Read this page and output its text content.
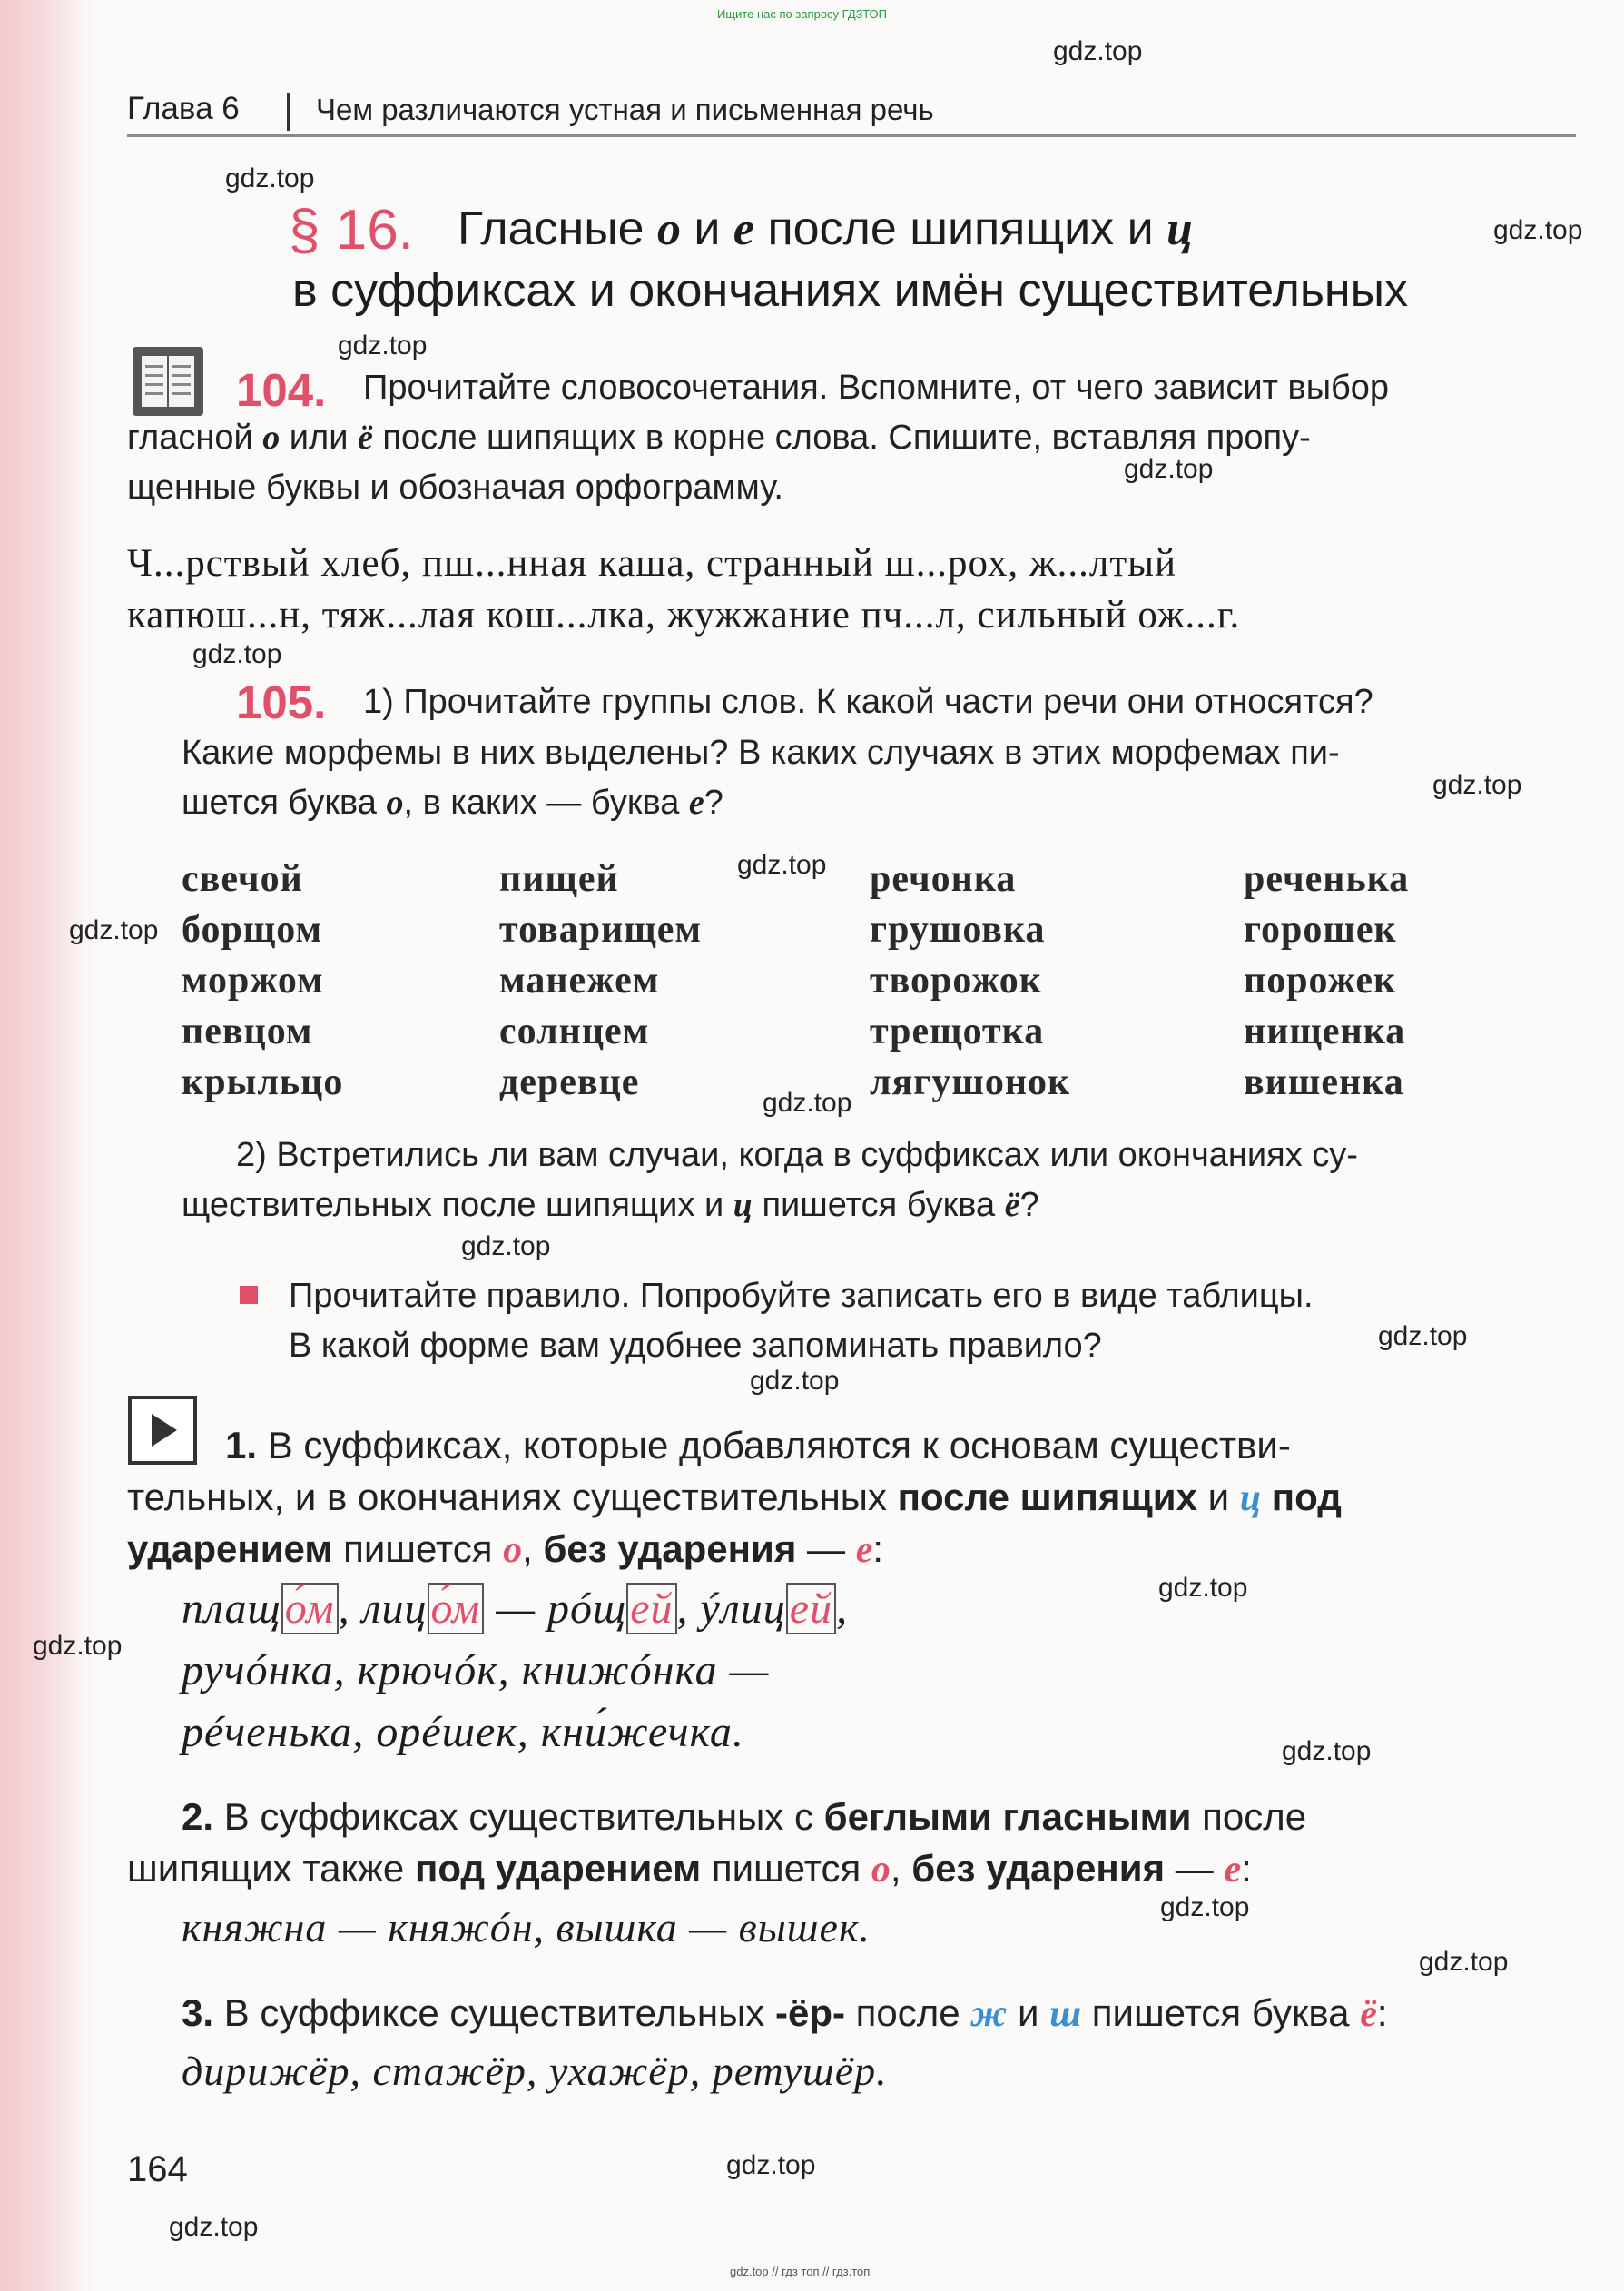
Ищите нас по запросу ГДЗТОП
gdz.top
gdz.top
gdz.top
gdz.top
gdz.top
gdz.top
gdz.top
gdz.top
gdz.top
gdz.top
gdz.top
gdz.top
gdz.top
gdz.top
gdz.top
gdz.top
gdz.top
gdz.top
gdz.top
gdz.top
Глава 6	Чем различаются устная и письменная речь
§ 16. Гласные о и е после шипящих и ц
в суффиксах и окончаниях имён существительных
104. Прочитайте словосочетания. Вспомните, от чего зависит выбор
гласной о или ё после шипящих в корне слова. Спишите, вставляя пропу-
щенные буквы и обозначая орфограмму.
Ч...рствый хлеб, пш...нная каша, странный ш...рох, ж...лтый
капюш...н, тяж...лая кош...лка, жужжание пч...л, сильный ож...г.
105. 1) Прочитайте группы слов. К какой части речи они относятся?
Какие морфемы в них выделены? В каких случаях в этих морфемах пи-
шется буква о, в каких — буква е?
свечой
борщом
моржом
певцом
крыльцо
пищей
товарищем
манежем
солнцем
деревце
речонка
грушовка
творожок
трещотка
лягушонок
реченька
горошек
порожек
нищенка
вишенка
2) Встретились ли вам случаи, когда в суффиксах или окончаниях су-
ществительных после шипящих и ц пишется буква ё?
Прочитайте правило. Попробуйте записать его в виде таблицы.
В какой форме вам удобнее запоминать правило?
1. В суффиксах, которые добавляются к основам существи-
тельных, и в окончаниях существительных после шипящих и ц под
ударением пишется о, без ударения — е:
плащо́м, лицо́м — рóщей, ýлицей,
ручóнка, крючóк, книжóнка —
рéченька, орéшек, кни́жечка.
2. В суффиксах существительных с беглыми гласными после
шипящих также под ударением пишется о, без ударения — е:
княжна — княжóн, вышка — вышек.
3. В суффиксе существительных -ёр- после ж и ш пишется буква ё:
дирижёр, стажёр, ухажёр, ретушёр.
164
gdz.top // гдз топ // гдз.топ
